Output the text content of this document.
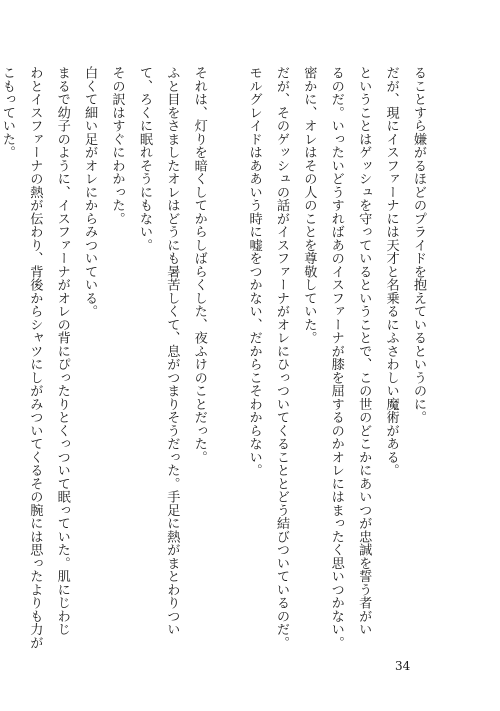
ることすら嫌がるほどのプライドを抱えているというのに。

だが、現にイスファーナには天才と名乗るにふさわしい魔術がある。

ということはゲッシュを守っているということで、この世のどこかにあいつが忠誠を誓う者がい

るのだ。いったいどうすればあのイスファーナが膝を屈するのかオレにはまったく思いつかない。

密かに、オレはその人のことを尊敬していた。

だが、そのゲッシュの話がイスファーナがオレにひっついてくることとどう結びついているのだ。

モルグレイドはああいう時に嘘をつかない、だからこそわからない。

それは、灯りを暗くしてからしばらくした、夜ふけのことだった。

ふと目をさましたオレはどうにも暑苦しくて、息がつまりそうだった。手足に熱がまとわりつい

て、ろくに眠れそうにもない。

その訳はすぐにわかった。

白くて細い足がオレにからみついている。

まるで幼子のように、イスファーナがオレの背にぴったりとくっついて眠っていた。肌にじわじ

わとイスファーナの熱が伝わり、背後からシャツにしがみついてくるその腕には思ったよりも力が

こもっていた。

34
